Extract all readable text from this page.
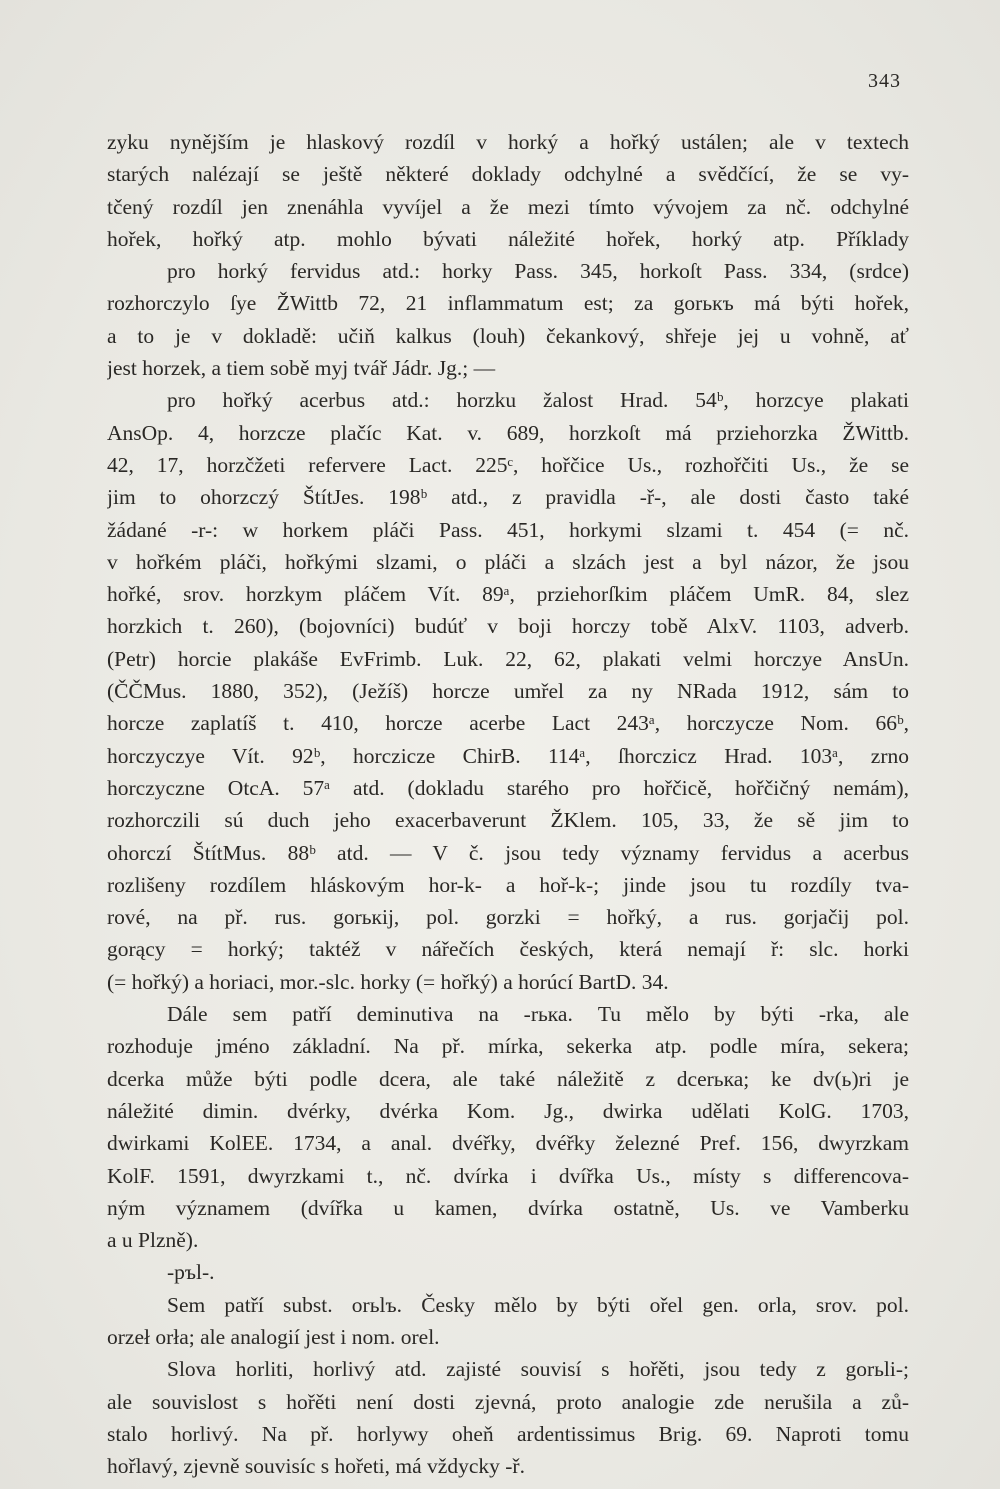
343
zyku nynějším je hlaskový rozdíl v horký a hořký ustálen; ale v textech
starých nalézají se ještě některé doklady odchylné a svědčící, že se vy-
tčený rozdíl jen znenáhla vyvíjel a že mezi tímto vývojem za nč. odchylné
hořek, hořký atp. mohlo bývati náležité hořek, horký atp. Příklady
pro horký fervidus atd.: horky Pass. 345, horkoſt Pass. 334, (srdce)
rozhorczylo ſye ŽWittb 72, 21 inflammatum est; za gorькъ má býti hořek,
a to je v dokladě: učiň kalkus (louh) čekankový, shřeje jej u vohně, ať
jest horzek, a tiem sobě myj tvář Jádr. Jg.; —
pro hořký acerbus atd.: horzku žalost Hrad. 54ᵇ, horzcye plakati
AnsOp. 4, horzcze plačíc Kat. v. 689, horzkoſt má prziehorzka ŽWittb.
42, 17, horzčžeti refervere Lact. 225ᶜ, hořčice Us., rozhořčiti Us., že se
jim to ohorzczý ŠtítJes. 198ᵇ atd., z pravidla -ř-, ale dosti často také
žádané -r-: w horkem pláči Pass. 451, horkymi slzami t. 454 (= nč.
v hořkém pláči, hořkými slzami, o pláči a slzách jest a byl názor, že jsou
hořké, srov. horzkym pláčem Vít. 89ᵃ, prziehorſkim pláčem UmR. 84, slez
horzkich t. 260), (bojovníci) budúť v boji horczy tobě AlxV. 1103, adverb.
(Petr) horcie plakáše EvFrimb. Luk. 22, 62, plakati velmi horczye AnsUn.
(ČČMus. 1880, 352), (Ježíš) horcze umřel za ny NRada 1912, sám to
horcze zaplatíš t. 410, horcze acerbe Lact 243ᵃ, horczycze Nom. 66ᵇ,
horczyczye Vít. 92ᵇ, horczicze ChirB. 114ᵃ, ſhorczicz Hrad. 103ᵃ, zrno
horczyczne OtcA. 57ᵃ atd. (dokladu starého pro hořčicě, hořčičný nemám),
rozhorczili sú duch jeho exacerbaverunt ŽKlem. 105, 33, že sě jim to
ohorczí ŠtítMus. 88ᵇ atd. — V č. jsou tedy významy fervidus a acerbus
rozlišeny rozdílem hláskovým hor-k- a hoř-k-; jinde jsou tu rozdíly tva-
rové, na př. rus. gorькij, pol. gorzki = hořký, a rus. gorjačij pol.
gorący = horký; taktéž v nářečích českých, která nemají ř: slc. horki
(= hořký) a horiaci, mor.-slc. horky (= hořký) a horúcí BartD. 34.
Dále sem patří deminutiva na -rька. Tu mělo by býti -rka, ale
rozhoduje jméno základní. Na př. mírka, sekerka atp. podle míra, sekera;
dcerka může býti podle dcera, ale také náležitě z dcerька; ke dv(ь)ri je
náležité dimin. dvérky, dvérka Kom. Jg., dwirka udělati KolG. 1703,
dwirkami KolEE. 1734, a anal. dvéřky, dvéřky železné Pref. 156, dwyrzkam
KolF. 1591, dwyrzkami t., nč. dvírka i dvířka Us., místy s differencova-
ným významem (dvířka u kamen, dvírka ostatně, Us. ve Vamberku
a u Plzně).
-ръl-.
Sem patří subst. orьlъ. Česky mělo by býti ořel gen. orla, srov. pol.
orzeł orła; ale analogií jest i nom. orel.
Slova horliti, horlivý atd. zajisté souvisí s hořěti, jsou tedy z gorьli-;
ale souvislost s hořěti není dosti zjevná, proto analogie zde nerušila a zů-
stalo horlivý. Na př. horlywy oheň ardentissimus Brig. 69. Naproti tomu
hořlavý, zjevně souvisíc s hořeti, má vždycky -ř.
